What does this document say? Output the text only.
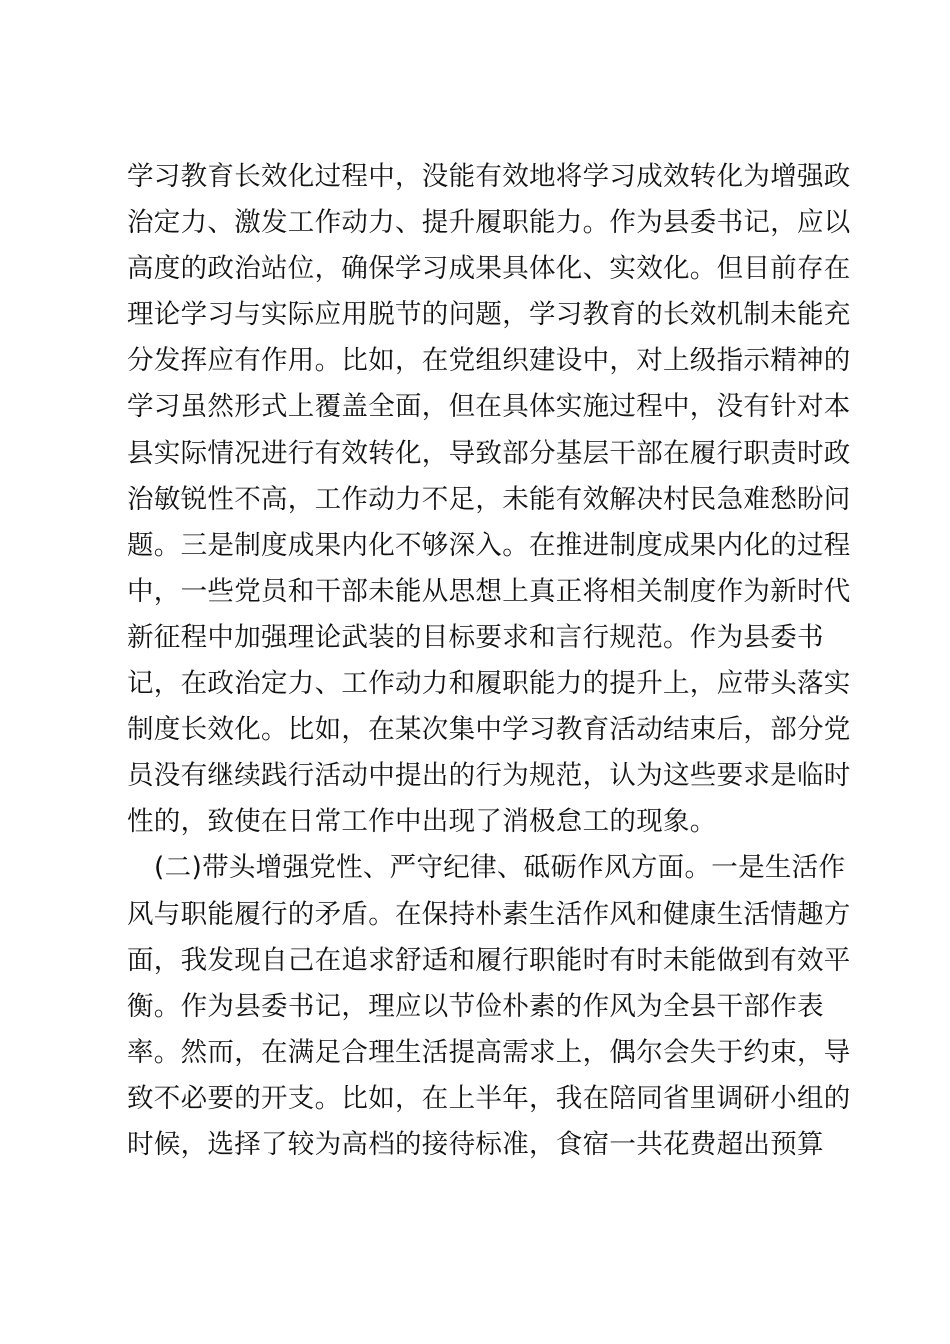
学习教育长效化过程中，没能有效地将学习成效转化为增强政
治定力、激发工作动力、提升履职能力。作为县委书记，应以
高度的政治站位，确保学习成果具体化、实效化。但目前存在
理论学习与实际应用脱节的问题，学习教育的长效机制未能充
分发挥应有作用。比如，在党组织建设中，对上级指示精神的
学习虽然形式上覆盖全面，但在具体实施过程中，没有针对本
县实际情况进行有效转化，导致部分基层干部在履行职责时政
治敏锐性不高，工作动力不足，未能有效解决村民急难愁盼问
题。三是制度成果内化不够深入。在推进制度成果内化的过程
中，一些党员和干部未能从思想上真正将相关制度作为新时代
新征程中加强理论武装的目标要求和言行规范。作为县委书
记，在政治定力、工作动力和履职能力的提升上，应带头落实
制度长效化。比如，在某次集中学习教育活动结束后，部分党
员没有继续践行活动中提出的行为规范，认为这些要求是临时
性的，致使在日常工作中出现了消极怠工的现象。
(二)带头增强党性、严守纪律、砥砺作风方面。一是生活作
风与职能履行的矛盾。在保持朴素生活作风和健康生活情趣方
面，我发现自己在追求舒适和履行职能时有时未能做到有效平
衡。作为县委书记，理应以节俭朴素的作风为全县干部作表
率。然而，在满足合理生活提高需求上，偶尔会失于约束，导
致不必要的开支。比如，在上半年，我在陪同省里调研小组的
时候，选择了较为高档的接待标准，食宿一共花费超出预算
